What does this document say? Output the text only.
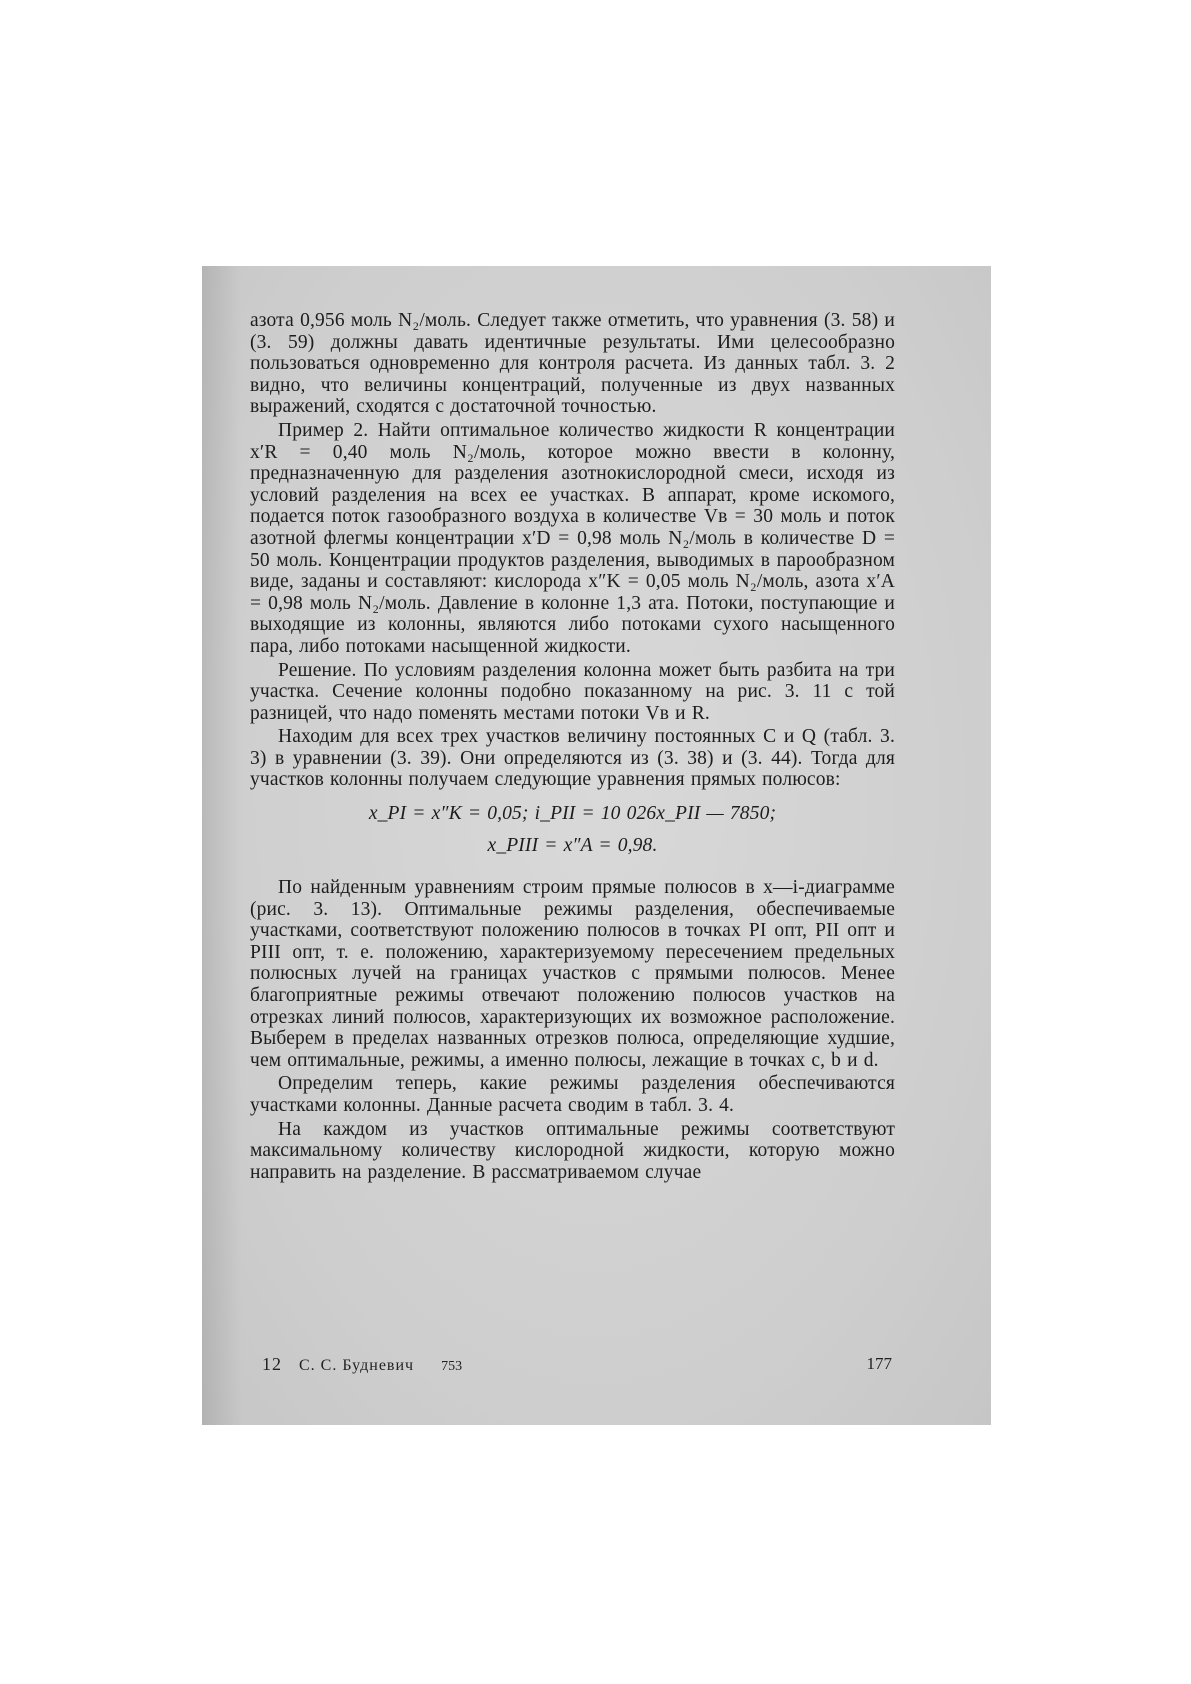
азота 0,956 моль N₂/моль. Следует также отметить, что уравнения (3. 58) и (3. 59) должны давать идентичные результаты. Ими целесообразно пользоваться одновременно для контроля расчета. Из данных табл. 3. 2 видно, что величины концентраций, полученные из двух названных выражений, сходятся с достаточной точностью.

Пример 2. Найти оптимальное количество жидкости R концентрации x′R = 0,40 моль N₂/моль, которое можно ввести в колонну, предназначенную для разделения азотнокислородной смеси, исходя из условий разделения на всех ее участках. В аппарат, кроме искомого, подается поток газообразного воздуха в количестве Vв = 30 моль и поток азотной флегмы концентрации x′D = 0,98 моль N₂/моль в количестве D = 50 моль. Концентрации продуктов разделения, выводимых в парообразном виде, заданы и составляют: кислорода x″K = 0,05 моль N₂/моль, азота x′A = 0,98 моль N₂/моль. Давление в колонне 1,3 ата. Потоки, поступающие и выходящие из колонны, являются либо потоками сухого насыщенного пара, либо потоками насыщенной жидкости.

Решение. По условиям разделения колонна может быть разбита на три участка. Сечение колонны подобно показанному на рис. 3. 11 с той разницей, что надо поменять местами потоки Vв и R.

Находим для всех трех участков величину постоянных C и Q (табл. 3. 3) в уравнении (3. 39). Они определяются из (3. 38) и (3. 44). Тогда для участков колонны получаем следующие уравнения прямых полюсов:

x_PI = x″K = 0,05; i_PII = 10 026x_PII — 7850;
x_PIII = x″A = 0,98.

По найденным уравнениям строим прямые полюсов в x—i-диаграмме (рис. 3. 13). Оптимальные режимы разделения, обеспечиваемые участками, соответствуют положению полюсов в точках PI опт, PII опт и PIII опт, т. е. положению, характеризуемому пересечением предельных полюсных лучей на границах участков с прямыми полюсов. Менее благоприятные режимы отвечают положению полюсов участков на отрезках линий полюсов, характеризующих их возможное расположение. Выберем в пределах названных отрезков полюса, определяющие худшие, чем оптимальные, режимы, а именно полюсы, лежащие в точках c, b и d.

Определим теперь, какие режимы разделения обеспечиваются участками колонны. Данные расчета сводим в табл. 3. 4.

На каждом из участков оптимальные режимы соответствуют максимальному количеству кислородной жидкости, которую можно направить на разделение. В рассматриваемом случае

12 С. С. Будневич 753	177
